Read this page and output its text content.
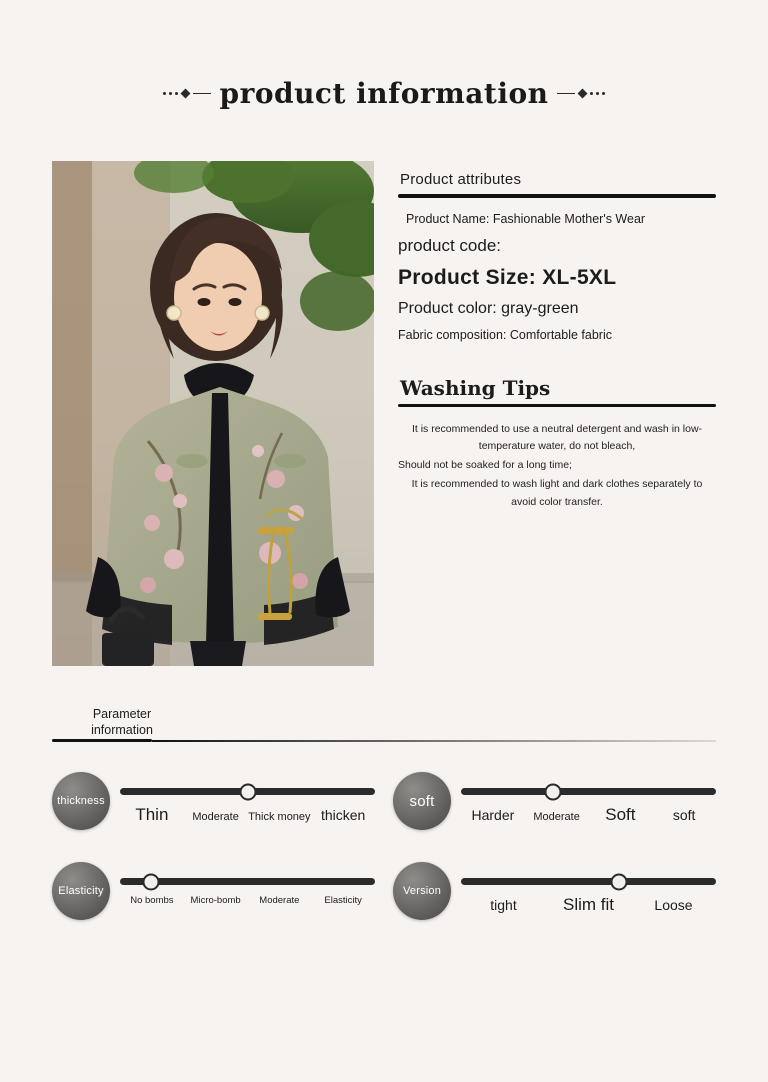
product information
Product attributes

Product Name: Fashionable Mother's Wear

product code:

Product Size: XL-5XL

Product color: gray-green

Fabric composition: Comfortable fabric

Washing Tips

It is recommended to use a neutral detergent and wash in low-temperature water, do not bleach,

Should not be soaked for a long time;

It is recommended to wash light and dark clothes separately to avoid color transfer.

Parameter
information
thickness
Thin	Moderate Thick money thicken
soft
Harder	Moderate	Soft	soft
Elasticity
No bombs	Micro-bomb	Moderate	Elasticity
Version
tight	Slim fit	Loose
